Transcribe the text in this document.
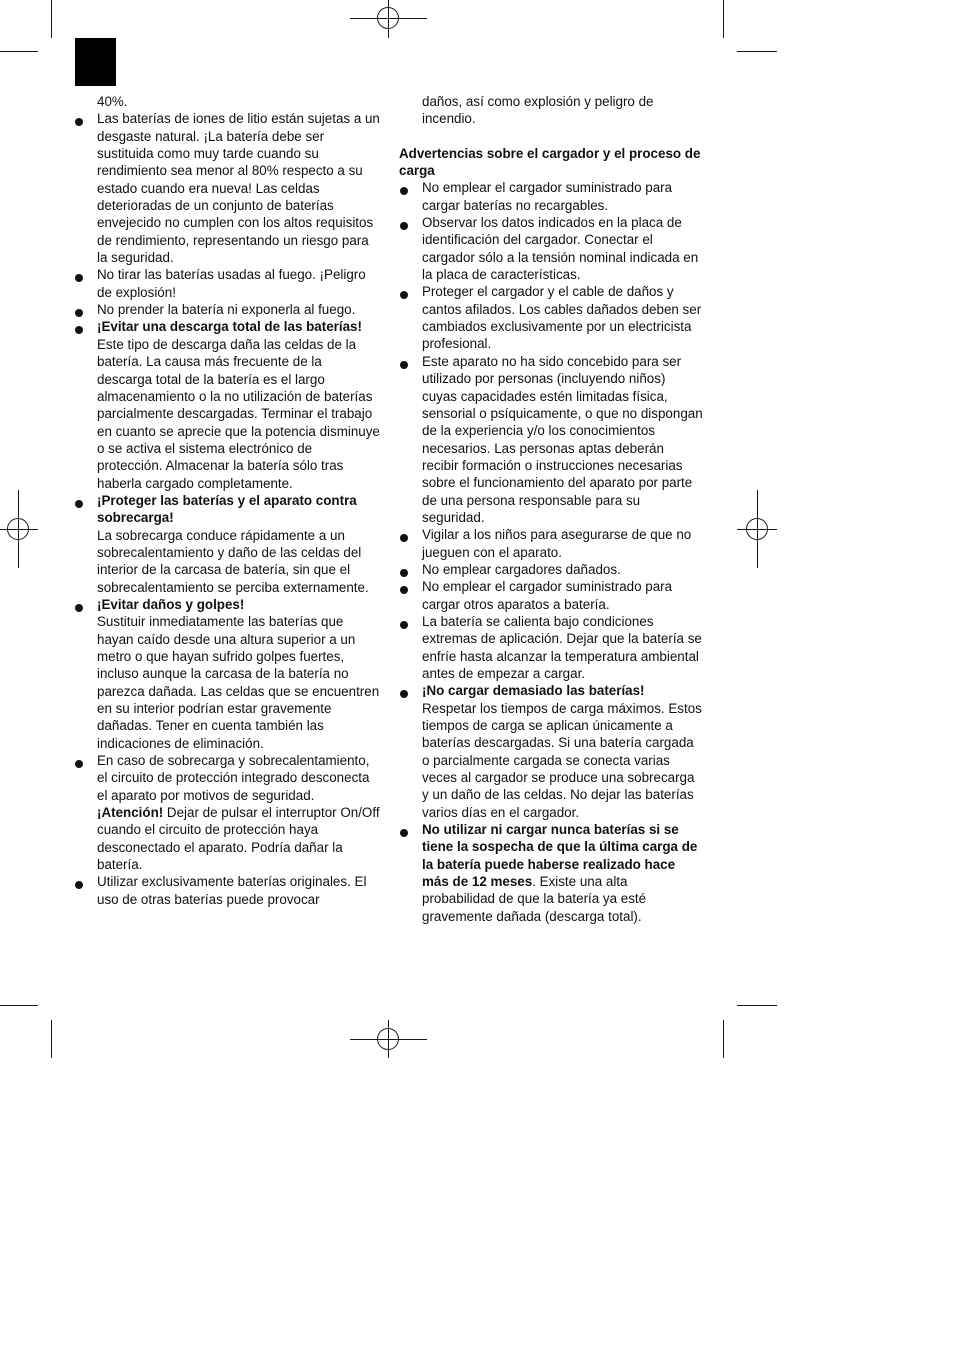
40%.

Las baterías de iones de litio están sujetas a un desgaste natural. ¡La batería debe ser sustituida como muy tarde cuando su rendimiento sea menor al 80% respecto a su estado cuando era nueva! Las celdas deterioradas de un conjunto de baterías envejecido no cumplen con los altos requisitos de rendimiento, representando un riesgo para la seguridad.

No tirar las baterías usadas al fuego. ¡Peligro de explosión!

No prender la batería ni exponerla al fuego.

¡Evitar una descarga total de las baterías!
Este tipo de descarga daña las celdas de la batería. La causa más frecuente de la descarga total de la batería es el largo almacenamiento o la no utilización de baterías parcialmente descargadas. Terminar el trabajo en cuanto se aprecie que la potencia disminuye o se activa el sistema electrónico de protección. Almacenar la batería sólo tras haberla cargado completamente.
¡Proteger las baterías y el aparato contra sobrecarga!
La sobrecarga conduce rápidamente a un sobrecalentamiento y daño de las celdas del interior de la carcasa de batería, sin que el sobrecalentamiento se perciba externamente.
¡Evitar daños y golpes!
Sustituir inmediatamente las baterías que hayan caído desde una altura superior a un metro o que hayan sufrido golpes fuertes, incluso aunque la carcasa de la batería no parezca dañada. Las celdas que se encuentren en su interior podrían estar gravemente dañadas. Tener en cuenta también las indicaciones de eliminación.
En caso de sobrecarga y sobrecalentamiento, el circuito de protección integrado desconecta el aparato por motivos de seguridad. ¡Atención! Dejar de pulsar el interruptor On/Off cuando el circuito de protección haya desconectado el aparato. Podría dañar la batería.

Utilizar exclusivamente baterías originales. El uso de otras baterías puede provocar

daños, así como explosión y peligro de incendio.

Advertencias sobre el cargador y el proceso de carga

No emplear el cargador suministrado para cargar baterías no recargables.

Observar los datos indicados en la placa de identificación del cargador. Conectar el cargador sólo a la tensión nominal indicada en la placa de características.

Proteger el cargador y el cable de daños y cantos afilados. Los cables dañados deben ser cambiados exclusivamente por un electricista profesional.

Este aparato no ha sido concebido para ser utilizado por personas (incluyendo niños) cuyas capacidades estén limitadas física, sensorial o psíquicamente, o que no dispongan de la experiencia y/o los conocimientos necesarios. Las personas aptas deberán recibir formación o instrucciones necesarias sobre el funcionamiento del aparato por parte de una persona responsable para su seguridad.

Vigilar a los niños para asegurarse de que no jueguen con el aparato.

No emplear cargadores dañados.

No emplear el cargador suministrado para cargar otros aparatos a batería.

La batería se calienta bajo condiciones extremas de aplicación. Dejar que la batería se enfríe hasta alcanzar la temperatura ambiental antes de empezar a cargar.

¡No cargar demasiado las baterías!
Respetar los tiempos de carga máximos. Estos tiempos de carga se aplican únicamente a baterías descargadas. Si una batería cargada o parcialmente cargada se conecta varias veces al cargador se produce una sobrecarga y un daño de las celdas. No dejar las baterías varios días en el cargador.
No utilizar ni cargar nunca baterías si se tiene la sospecha de que la última carga de la batería puede haberse realizado hace más de 12 meses. Existe una alta probabilidad de que la batería ya esté gravemente dañada (descarga total).
